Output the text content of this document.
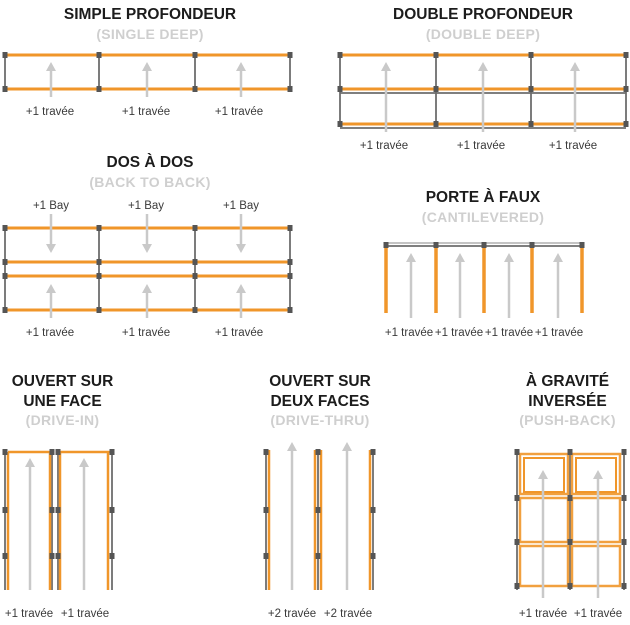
SIMPLE PROFONDEUR
(SINGLE DEEP)
DOUBLE PROFONDEUR
(DOUBLE DEEP)
DOS À DOS
(BACK TO BACK)
PORTE À FAUX
(CANTILEVERED)
OUVERT SUR
UNE FACE
(DRIVE-IN)
OUVERT SUR
DEUX FACES
(DRIVE-THRU)
À GRAVITÉ
INVERSÉE
(PUSH-BACK)
+1 travée	+1 travée	+1 travée
+1 travée	+1 travée	+1 travée
+1 Bay	+1 Bay	+1 Bay
+1 travée	+1 travée	+1 travée	+1 travée +1 travée +1 travée +1 travée
+1 travée +1 travée	+2 travée +2 travée	+1 travée +1 travée
